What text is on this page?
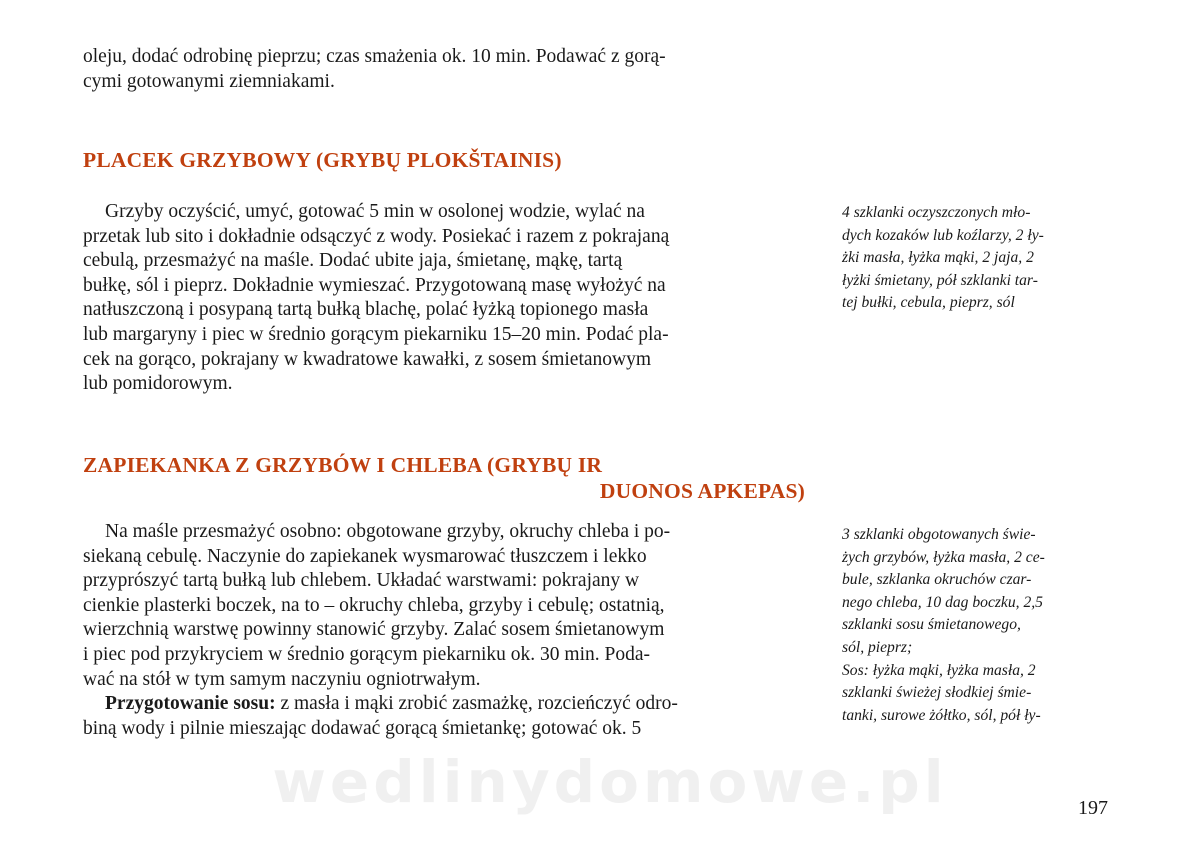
oleju, dodać odrobinę pieprzu; czas smażenia ok. 10 min. Podawać z gorą-

cymi gotowanymi ziemniakami.

PLACEK GRZYBOWY (GRYBŲ PLOKŠTAINIS)

Grzyby oczyścić, umyć, gotować 5 min w osolonej wodzie, wylać na

przetak lub sito i dokładnie odsączyć z wody. Posiekać i razem z pokrajaną

cebulą, przesmażyć na maśle. Dodać ubite jaja, śmietanę, mąkę, tartą

bułkę, sól i pieprz. Dokładnie wymieszać. Przygotowaną masę wyłożyć na

natłuszczoną i posypaną tartą bułką blachę, polać łyżką topionego masła

lub margaryny i piec w średnio gorącym piekarniku 15–20 min. Podać pla-

cek na gorąco, pokrajany w kwadratowe kawałki, z sosem śmietanowym

lub pomidorowym.

4 szklanki oczyszczonych mło-

dych kozaków lub koźlarzy, 2 ły-

żki masła, łyżka mąki, 2 jaja, 2

łyżki śmietany, pół szklanki tar-

tej bułki, cebula, pieprz, sól

ZAPIEKANKA Z GRZYBÓW I CHLEBA (GRYBŲ IR
DUONOS APKEPAS)

Na maśle przesmażyć osobno: obgotowane grzyby, okruchy chleba i po-

siekaną cebulę. Naczynie do zapiekanek wysmarować tłuszczem i lekko

przyprószyć tartą bułką lub chlebem. Układać warstwami: pokrajany w

cienkie plasterki boczek, na to – okruchy chleba, grzyby i cebulę; ostatnią,

wierzchnią warstwę powinny stanowić grzyby. Zalać sosem śmietanowym

i piec pod przykryciem w średnio gorącym piekarniku ok. 30 min. Poda-

wać na stół w tym samym naczyniu ogniotrwałym.

Przygotowanie sosu: z masła i mąki zrobić zasmażkę, rozcieńczyć odro-

biną wody i pilnie mieszając dodawać gorącą śmietankę; gotować ok. 5

3 szklanki obgotowanych świe-

żych grzybów, łyżka masła, 2 ce-

bule, szklanka okruchów czar-

nego chleba, 10 dag boczku, 2,5

szklanki sosu śmietanowego,

sól, pieprz;

Sos: łyżka mąki, łyżka masła, 2

szklanki świeżej słodkiej śmie-

tanki, surowe żółtko, sól, pół ły-

wedlinydomowe.pl	197
